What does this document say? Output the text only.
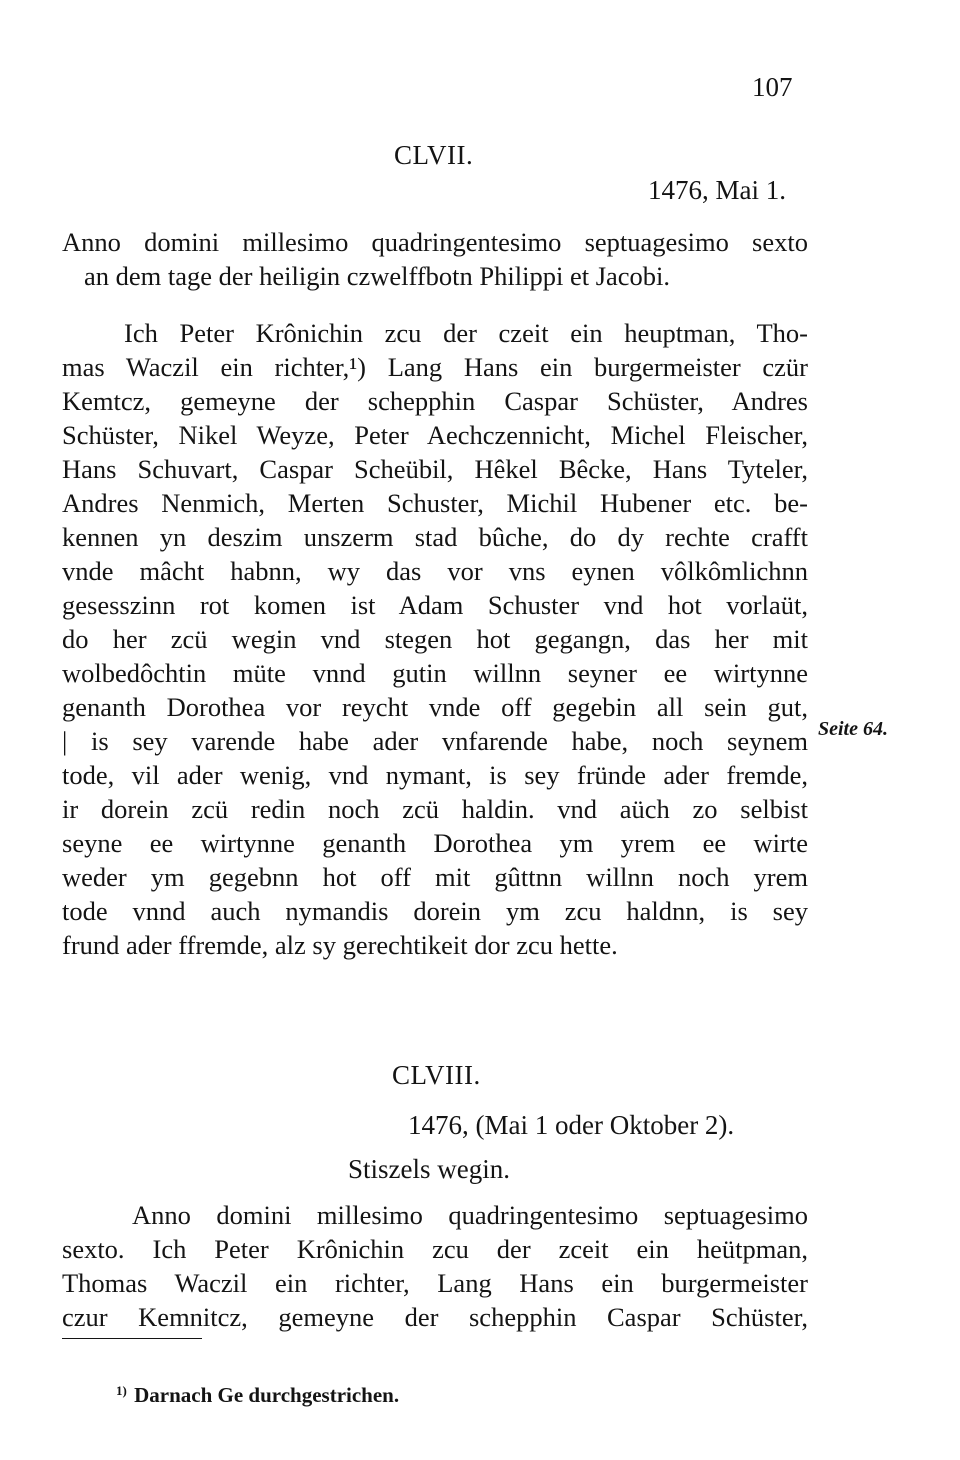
107
CLVII.
1476, Mai 1.
Anno domini millesimo quadringentesimo septuagesimo sexto
an dem tage der heiligin czwelffbotn Philippi et Jacobi.
Ich Peter Krônichin zcu der czeit ein heuptman, Tho-
mas Waczil ein richter,¹) Lang Hans ein burgermeister czür
Kemtcz, gemeyne der schepphin Caspar Schüster, Andres
Schüster, Nikel Weyze, Peter Aechczennicht, Michel Fleischer,
Hans Schuvart, Caspar Scheübil, Hêkel Bêcke, Hans Tyteler,
Andres Nenmich, Merten Schuster, Michil Hubener etc. be-
kennen yn deszim unszerm stad bûche, do dy rechte crafft
vnde mâcht habnn, wy das vor vns eynen vôlkômlichnn
gesesszinn rot komen ist Adam Schuster vnd hot vorlaüt,
do her zcü wegin vnd stegen hot gegangn, das her mit
wolbedôchtin müte vnnd gutin willnn seyner ee wirtynne
genanth Dorothea vor reycht vnde off gegebin all sein gut,
| is sey varende habe ader vnfarende habe, noch seynem Seite 64.
tode, vil ader wenig, vnd nymant, is sey fründe ader fremde,
ir dorein zcü redin noch zcü haldin. vnd aüch zo selbist
seyne ee wirtynne genanth Dorothea ym yrem ee wirte
weder ym gegebnn hot off mit gûttnn willnn noch yrem
tode vnnd auch nymandis dorein ym zcu haldnn, is sey
frund ader ffremde, alz sy gerechtikeit dor zcu hette.
CLVIII.
1476, (Mai 1 oder Oktober 2).
Stiszels wegin.
Anno domini millesimo quadringentesimo septuagesimo
sexto. Ich Peter Krônichin zcu der zceit ein heütpman,
Thomas Waczil ein richter, Lang Hans ein burgermeister
czur Kemnitcz, gemeyne der schepphin Caspar Schüster,
$^{1)}$ Darnach Ge durchgestrichen.
